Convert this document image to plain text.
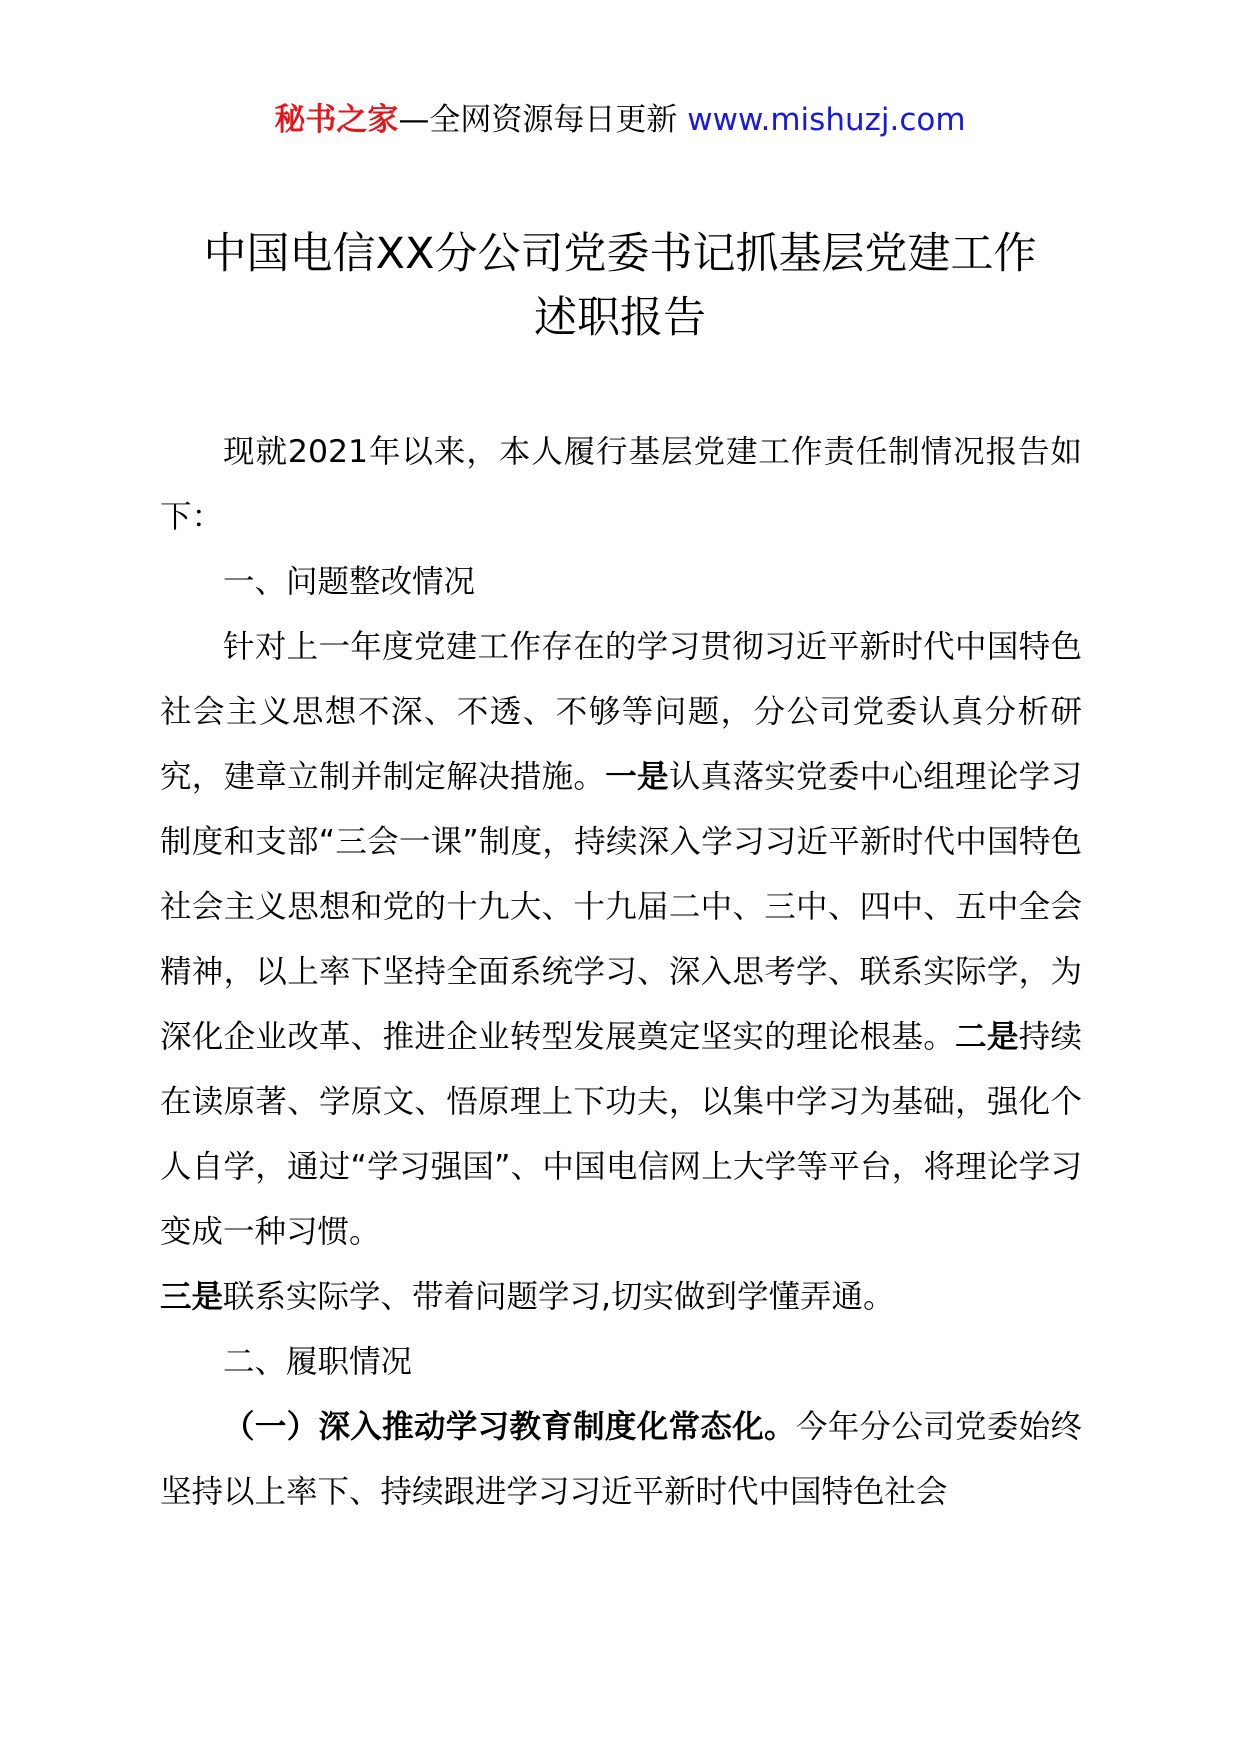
秘书之家—全网资源每日更新 www.mishuzj.com
中国电信XX分公司党委书记抓基层党建工作
述职报告

现就2021年以来，本人履行基层党建工作责任制情况报告如下：

一、问题整改情况

针对上一年度党建工作存在的学习贯彻习近平新时代中国特色社会主义思想不深、不透、不够等问题，分公司党委认真分析研究，建章立制并制定解决措施。一是认真落实党委中心组理论学习制度和支部“三会一课”制度，持续深入学习习近平新时代中国特色社会主义思想和党的十九大、十九届二中、三中、四中、五中全会精神，以上率下坚持全面系统学习、深入思考学、联系实际学，为深化企业改革、推进企业转型发展奠定坚实的理论根基。二是持续在读原著、学原文、悟原理上下功夫，以集中学习为基础，强化个人自学，通过“学习强国”、中国电信网上大学等平台，将理论学习变成一种习惯。

三是联系实际学、带着问题学习,切实做到学懂弄通。

二、履职情况

（一）深入推动学习教育制度化常态化。今年分公司党委始终坚持以上率下、持续跟进学习习近平新时代中国特色社会
